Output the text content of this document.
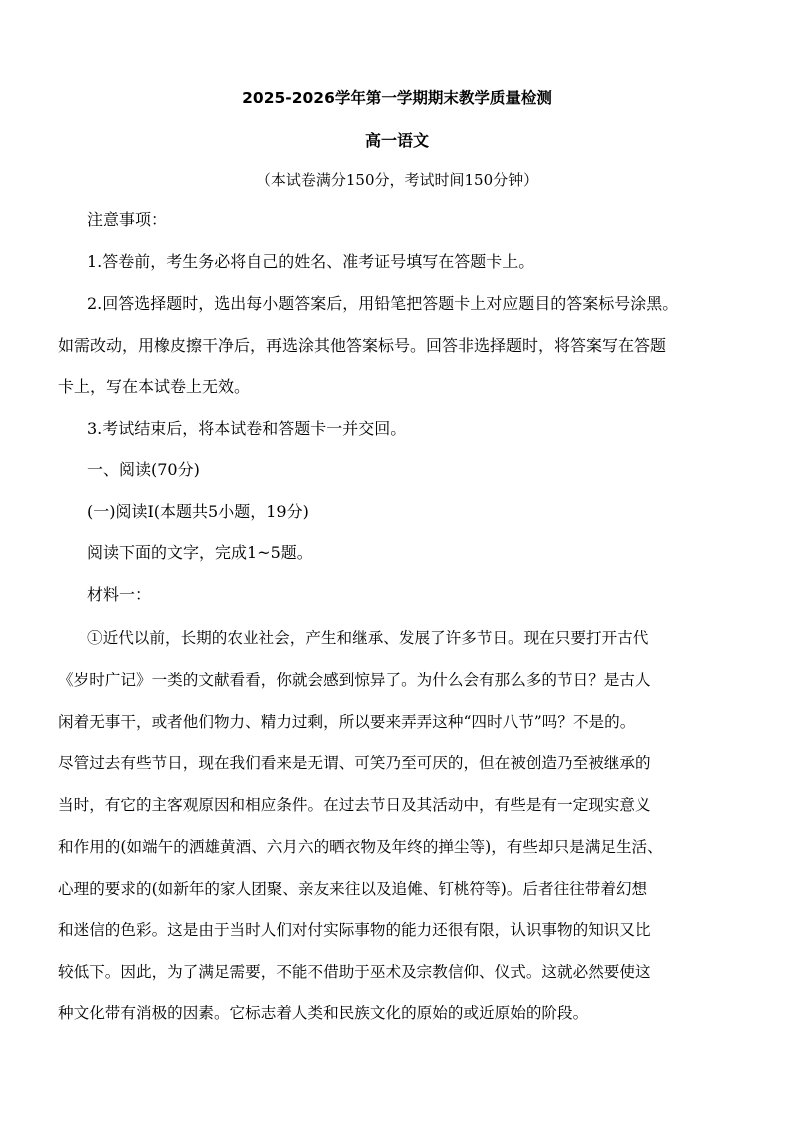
2025-2026学年第一学期期末教学质量检测
高一语文
（本试卷满分150分，考试时间150分钟）
注意事项：
1.答卷前，考生务必将自己的姓名、准考证号填写在答题卡上。
2.回答选择题时，选出每小题答案后，用铅笔把答题卡上对应题目的答案标号涂黑。
如需改动，用橡皮擦干净后，再选涂其他答案标号。回答非选择题时，将答案写在答题
卡上，写在本试卷上无效。
3.考试结束后，将本试卷和答题卡一并交回。
一、阅读(70分)
(一)阅读Ⅰ(本题共5小题，19分)
阅读下面的文字，完成1~5题。
材料一：
①近代以前，长期的农业社会，产生和继承、发展了许多节日。现在只要打开古代
《岁时广记》一类的文献看看，你就会感到惊异了。为什么会有那么多的节日？是古人
闲着无事干，或者他们物力、精力过剩，所以要来弄弄这种“四时八节”吗？不是的。
尽管过去有些节日，现在我们看来是无谓、可笑乃至可厌的，但在被创造乃至被继承的
当时，有它的主客观原因和相应条件。在过去节日及其活动中，有些是有一定现实意义
和作用的(如端午的洒雄黄酒、六月六的晒衣物及年终的掸尘等)，有些却只是满足生活、
心理的要求的(如新年的家人团聚、亲友来往以及追傩、钉桃符等)。后者往往带着幻想
和迷信的色彩。这是由于当时人们对付实际事物的能力还很有限，认识事物的知识又比
较低下。因此，为了满足需要，不能不借助于巫术及宗教信仰、仪式。这就必然要使这
种文化带有消极的因素。它标志着人类和民族文化的原始的或近原始的阶段。
